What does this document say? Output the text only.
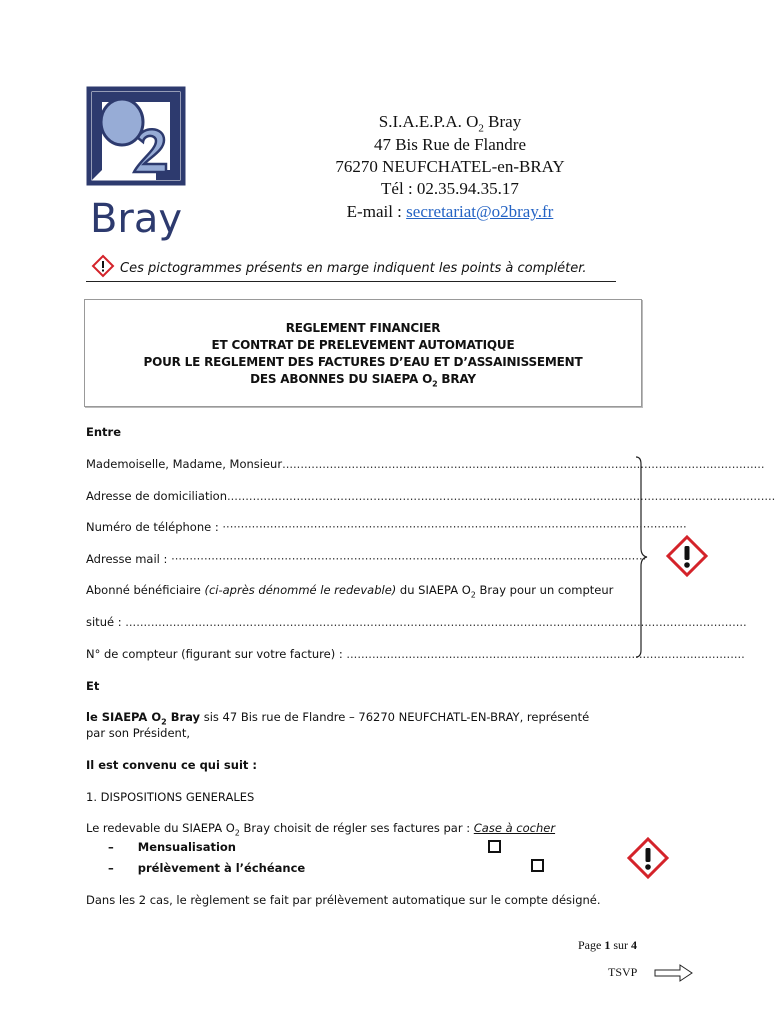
Bray
S.I.A.E.P.A. $O_2$ Bray
47 Bis Rue de Flandre
76270 NEUFCHATEL-en-BRAY
Tél : 02.35.94.35.17
E-mail : secretariat@o2bray.fr
Ces pictogrammes présents en marge indiquent les points à compléter.
REGLEMENT FINANCIER
ET CONTRAT DE PRELEVEMENT AUTOMATIQUE
POUR LE REGLEMENT DES FACTURES D’EAU ET D’ASSAINISSEMENT
DES ABONNES DU SIAEPA $O_2$ BRAY
Entre
Mademoiselle, Madame, Monsieur....................................................................................................................................
Adresse de domiciliation......................................................................................................................................................
Numéro de téléphone : ·······························································································································
Adresse mail : ··································································································································
Abonné bénéficiaire (ci-après dénommé le redevable) du SIAEPA $O_2$ Bray pour un compteur
situé : ..........................................................................................................................................................................
N° de compteur (figurant sur votre facture) : .............................................................................................................
Et
le SIAEPA $O_2$ Bray sis 47 Bis rue de Flandre – 76270 NEUFCHATL-EN-BRAY, représenté
par son Président,
Il est convenu ce qui suit :
1. DISPOSITIONS GENERALES
Le redevable du SIAEPA $O_2$ Bray choisit de régler ses factures par : Case à cocher
– Mensualisation
– prélèvement à l’échéance
Dans les 2 cas, le règlement se fait par prélèvement automatique sur le compte désigné.
Page 1 sur 4
TSVP
